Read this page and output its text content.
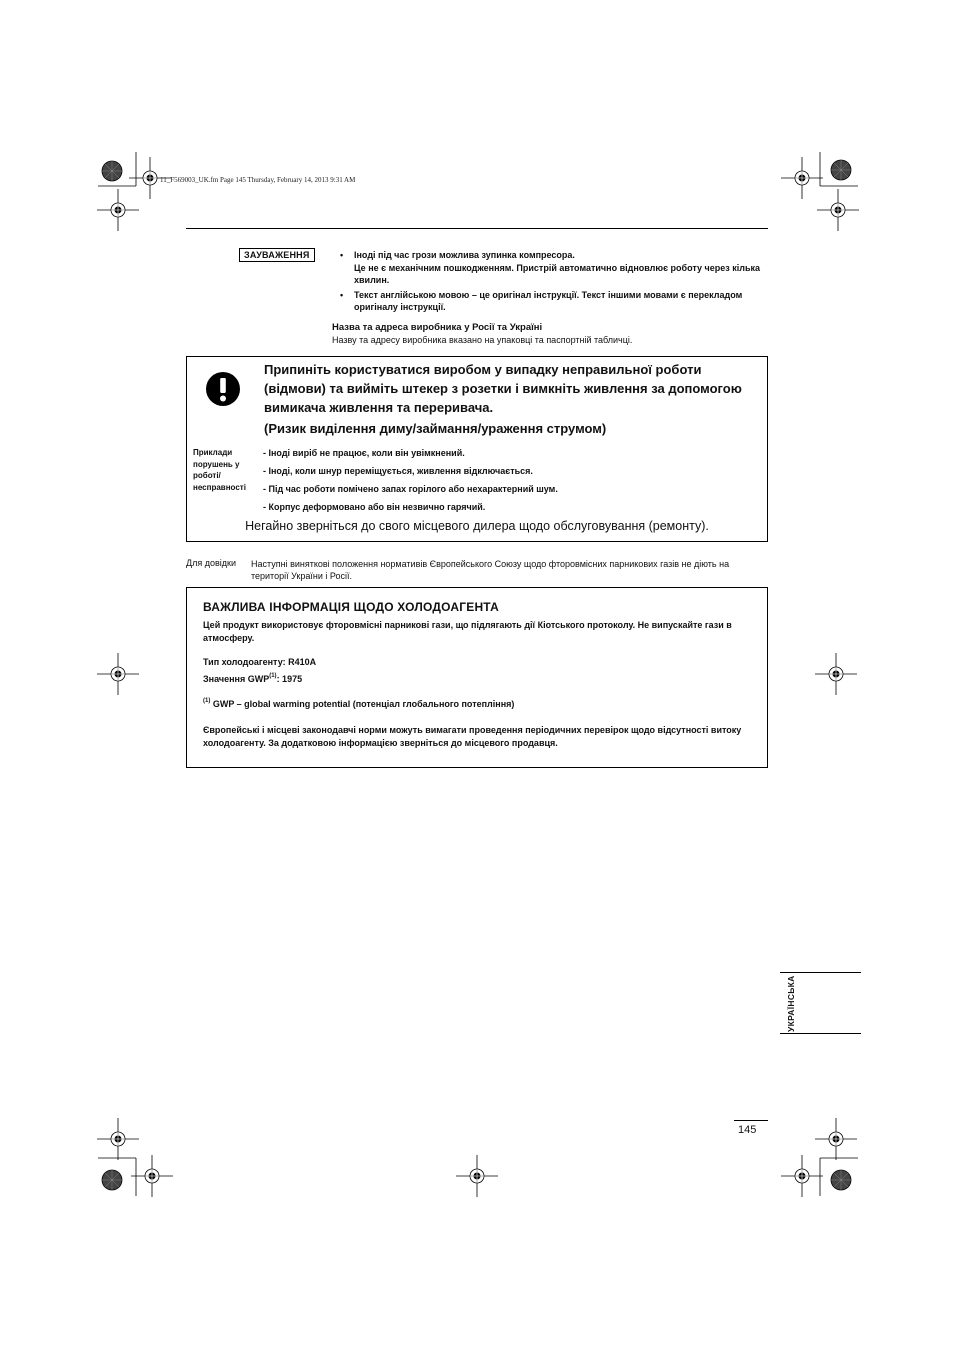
11_F569003_UK.fm Page 145 Thursday, February 14, 2013 9:31 AM
ЗАУВАЖЕННЯ	• Іноді під час грози можлива зупинка компресора.
Це не є механічним пошкодженням. Пристрій автоматично відновлює роботу через кілька хвилин.
• Текст англійською мовою – це оригінал інструкції. Текст іншими мовами є перекладом оригіналу інструкції.
Назва та адреса виробника у Росії та Україні
Назву та адресу виробника вказано на упаковці та паспортній табличці.
Припиніть користуватися виробом у випадку неправильної роботи (відмови) та вийміть штекер з розетки і вимкніть живлення за допомогою вимикача живлення та переривача.
(Ризик виділення диму/займання/ураження струмом)
Приклади порушень у роботі/ несправності
- Іноді виріб не працює, коли він увімкнений.
- Іноді, коли шнур переміщується, живлення відключається.
- Під час роботи помічено запах горілого або нехарактерний шум.
- Корпус деформовано або він незвично гарячий.
Негайно зверніться до свого місцевого дилера щодо обслуговування (ремонту).
Для довідки Наступні винятковi положення нормативів Європейського Союзу щодо фторовмісних парникових газів не діють на території України і Росії.
ВАЖЛИВА ІНФОРМАЦІЯ ЩОДО ХОЛОДОАГЕНТА
Цей продукт використовує фторовмісні парникові гази, що підлягають дії Кіотського протоколу. Не випускайте гази в атмосферу.
Тип холодоагенту: R410A
Значення GWP$^{(1)}$: 1975
$^{(1)}$ GWP – global warming potential (потенціал глобального потепління)
Європейські і місцеві законодавчі норми можуть вимагати проведення періодичних перевірок щодо відсутності витоку холодоагенту. За додатковою інформацією зверніться до місцевого продавця.
УКРАЇНСЬКА
145
